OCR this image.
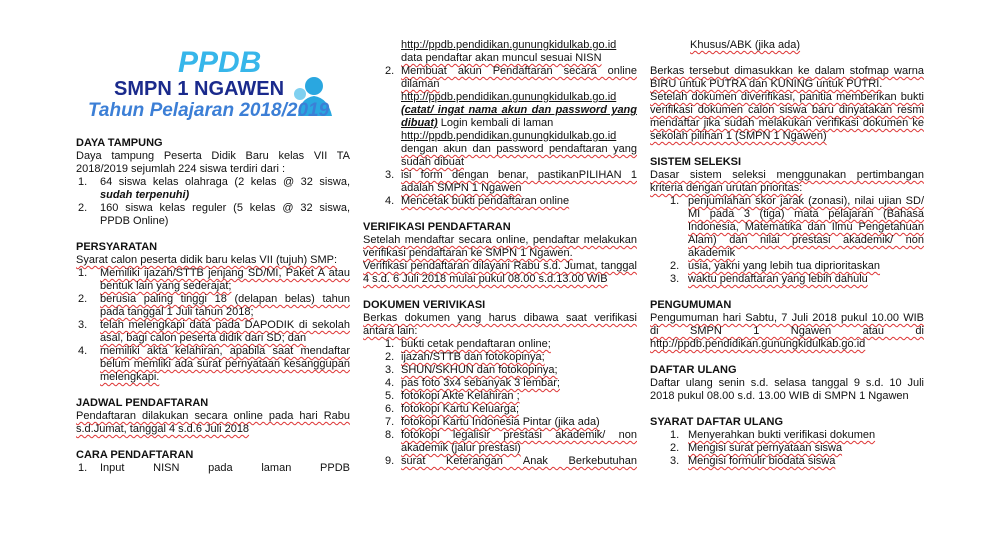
PPDB
SMPN 1 NGAWEN
Tahun Pelajaran 2018/2019
DAYA TAMPUNG

Daya tampung Peserta Didik Baru kelas VII TA 2018/2019 sejumlah 224 siswa terdiri dari :

1. 64 siswa kelas olahraga (2 kelas @ 32 siswa, sudah terpenuhi)
2. 160 siswa kelas reguler (5 kelas @ 32 siswa, PPDB Online)
PERSYARATAN

Syarat calon peserta didik baru kelas VII (tujuh) SMP:

1. Memiliki ijazah/STTB jenjang SD/MI, Paket A atau bentuk lain yang sederajat;
2. berusia paling tinggi 18 (delapan belas) tahun pada tanggal 1 Juli tahun 2018;
3. telah melengkapi data pada DAPODIK di sekolah asal, bagi calon peserta didik dari SD; dan
4. memiliki akta kelahiran, apabila saat mendaftar belum memliki ada surat pernyataan kesanggupan melengkapi.
JADWAL PENDAFTARAN

Pendaftaran dilakukan secara online pada hari Rabu s.d.Jumat, tanggal 4 s.d.6 Juli 2018

CARA PENDAFTARAN
1. Input NISN pada laman PPDB
http://ppdb.pendidikan.gunungkidulkab.go.id
data pendaftar akan muncul sesuai NISN
2. Membuat akun Pendaftaran secara online dilaman
http://ppdb.pendidikan.gunungkidulkab.go.id
(catat/ ingat nama akun dan password yang dibuat) Login kembali di laman
http://ppdb.pendidikan.gunungkidulkab.go.id
dengan akun dan password pendaftaran yang sudah dibuat
3. isi form dengan benar, pastikanPILIHAN 1 adalah SMPN 1 Ngawen
4. Mencetak bukti pendaftaran online
VERIFIKASI PENDAFTARAN

Setelah mendaftar secara online, pendaftar melakukan verifikasi pendaftaran ke SMPN 1 Ngawen.

Verifikasi pendaftaran dilayani Rabu s.d. Jumat, tanggal 4 s.d. 6 Juli 2018 mulai pukul 08.00 s.d.13.00 WIB

DOKUMEN VERIVIKASI

Berkas dokumen yang harus dibawa saat verifikasi antara lain:

1. bukti cetak pendaftaran online;
2. ijazah/STTB dan fotokopinya;
3. SHUN/SKHUN dan fotokopinya;
4. pas foto 3x4 sebanyak 3 lembar;
5. fotokopi Akte Kelahiran ;
6. fotokopi Kartu Keluarga;
7. fotokopi Kartu Indonesia Pintar (jika ada)
8. fotokopi legalisir prestasi akademik/ non akademik (jalur prestasi)
9. surat Keterangan Anak Berkebutuhan
Khusus/ABK (jika ada)

Berkas tersebut dimasukkan ke dalam stofmap warna BIRU untuk PUTRA dan KUNING untuk PUTRI.

Setelah dokumen diverifikasi, panitia memberikan bukti verifikasi dokumen calon siswa baru dinyatakan resmi mendaftar jika sudah melakukan verifikasi dokumen ke sekolah pilihan 1 (SMPN 1 Ngawen)

SISTEM SELEKSI

Dasar sistem seleksi menggunakan pertimbangan kriteria dengan urutan prioritas:

1. penjumlahan skor jarak (zonasi), nilai ujian SD/ MI pada 3 (tiga) mata pelajaran (Bahasa Indonesia, Matematika dan Ilmu Pengetahuan Alam) dan nilai prestasi akademik/ non akademik
2. usia, yakni yang lebih tua diprioritaskan
3. waktu pendaftaran yang lebih dahulu
PENGUMUMAN

Pengumuman hari Sabtu, 7 Juli 2018 pukul 10.00 WIB di SMPN 1 Ngawen atau di http://ppdb.pendidikan.gunungkidulkab.go.id

DAFTAR ULANG

Daftar ulang senin s.d. selasa tanggal 9 s.d. 10 Juli 2018 pukul 08.00 s.d. 13.00 WIB di SMPN 1 Ngawen

SYARAT DAFTAR ULANG
1. Menyerahkan bukti verifikasi dokumen
2. Mengisi surat pernyataan siswa
3. Mengisi formulir biodata siswa
